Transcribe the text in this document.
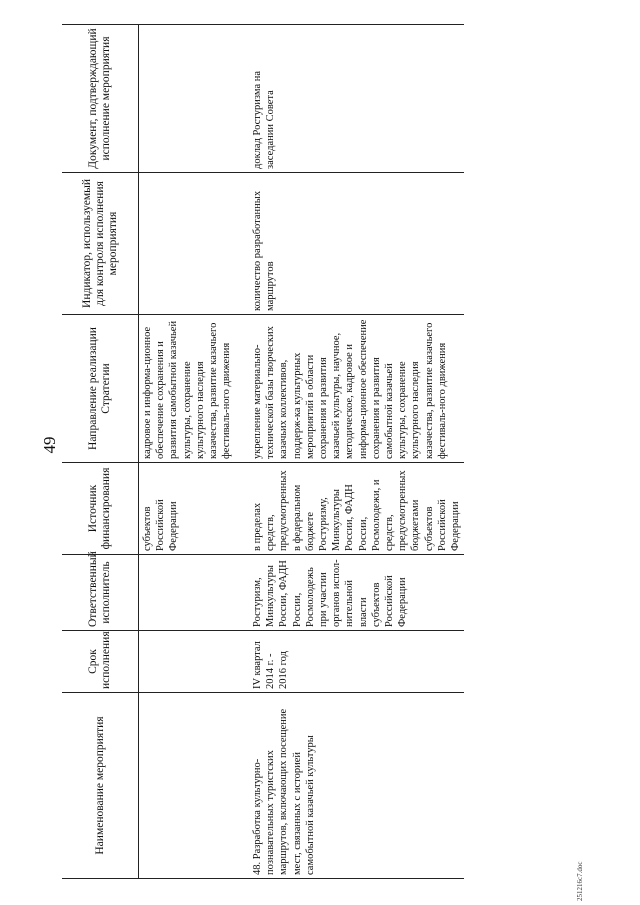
49
Наименование мероприятия	Срок исполнения	Ответственный исполнитель	Источник финансирования	Направление реализации Стратегии	Индикатор, используемый для контроля исполнения мероприятия	Документ, подтверждающий исполнение мероприятия
			субъектов Российской Федерации	кадровое и информа-ционное обеспечение сохранения и развития самобытной казачьей культуры, сохранение культурного наследия казачества, развитие казачьего фестиваль-ного движения		
48. Разработка культурно-познавательных туристских маршрутов, включающих посещение мест, связанных с историей самобытной казачьей культуры	IV квартал 2014 г. - 2016 год	Ростуризм, Минкультуры России, ФАДН России, Росмолодежь при участии органов испол-нительной власти субъектов Российской Федерации	в пределах средств, предусмотренных в федеральном бюджете Ростуризму, Минкультуры России, ФАДН России, Росмолодежи, и средств, предусмотренных бюджетами субъектов Российской Федерации	укрепление материально-технической базы творческих казачьих коллективов, поддерж-ка культурных мероприятий в области сохранения и развития казачьей культуры, научное, методическое, кадровое и информа-ционное обеспечение сохранения и развития самобытной казачьей культуры, сохранение культурного наследия казачества, развитие казачьего фестиваль-ного движения	количество разработанных маршрутов	доклад Ростуризма на заседании Совета
251216c7.doc
